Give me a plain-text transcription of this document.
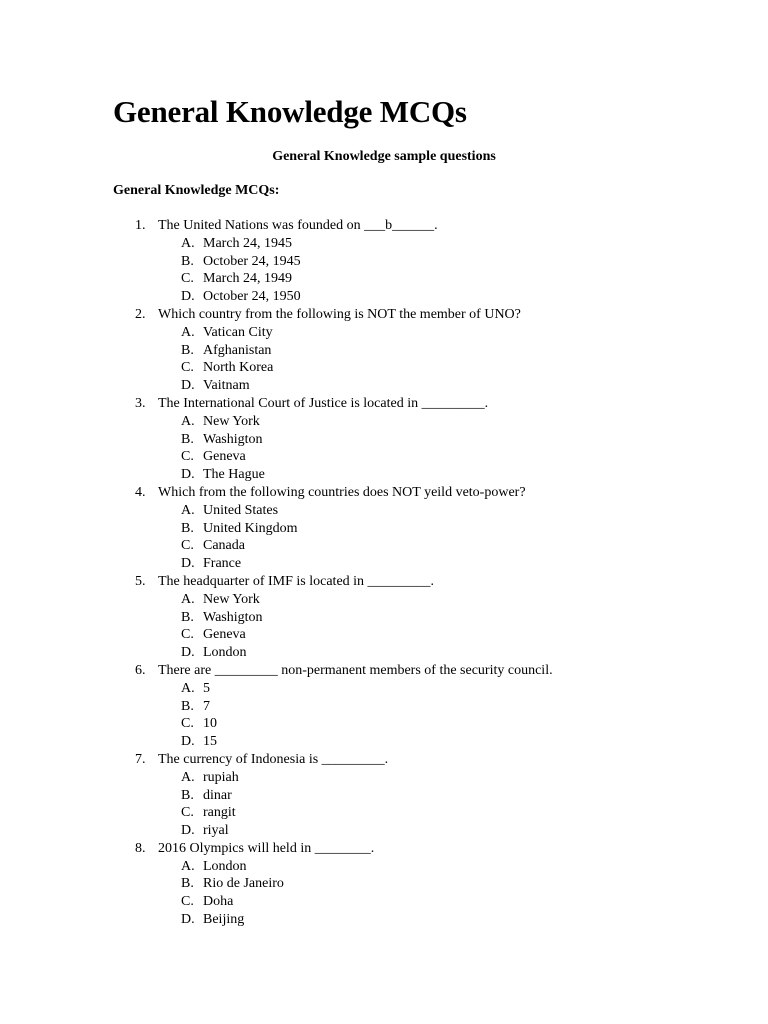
General Knowledge MCQs
General Knowledge sample questions
General Knowledge MCQs:
1. The United Nations was founded on ___b______.
A. March 24, 1945
B. October 24, 1945
C. March 24, 1949
D. October 24, 1950
2. Which country from the following is NOT the member of UNO?
A. Vatican City
B. Afghanistan
C. North Korea
D. Vaitnam
3. The International Court of Justice is located in _________.
A. New York
B. Washigton
C. Geneva
D. The Hague
4. Which from the following countries does NOT yeild veto-power?
A. United States
B. United Kingdom
C. Canada
D. France
5. The headquarter of IMF is located in _________.
A. New York
B. Washigton
C. Geneva
D. London
6. There are _________ non-permanent members of the security council.
A. 5
B. 7
C. 10
D. 15
7. The currency of Indonesia is _________.
A. rupiah
B. dinar
C. rangit
D. riyal
8. 2016 Olympics will held in ________.
A. London
B. Rio de Janeiro
C. Doha
D. Beijing
